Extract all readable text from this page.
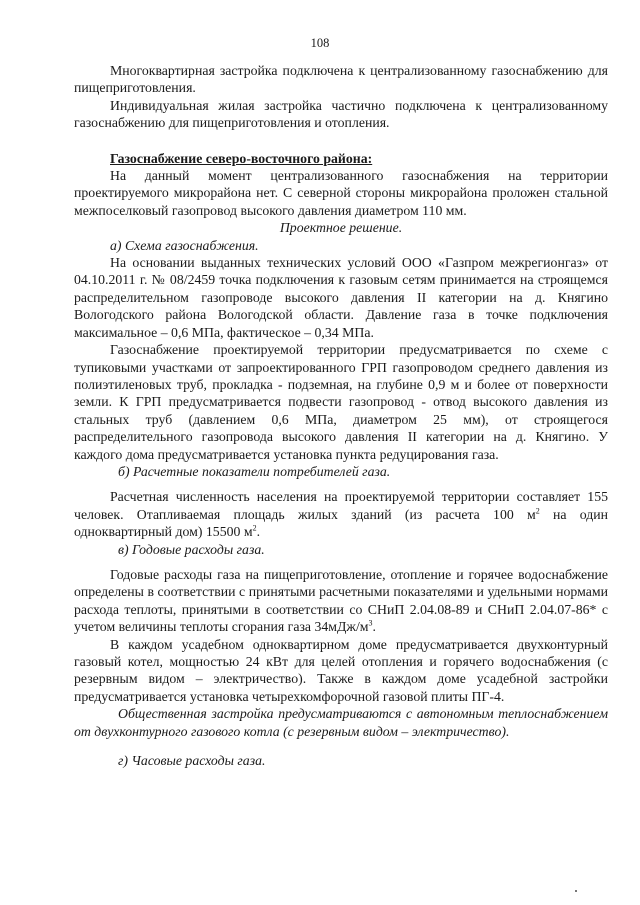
108

Многоквартирная застройка подключена к централизованному газоснабжению для пищеприготовления.

Индивидуальная жилая застройка частично подключена к централизованному газоснабжению для пищеприготовления и отопления.

Газоснабжение северо-восточного района:

На данный момент централизованного газоснабжения на территории проектируемого микрорайона нет. С северной стороны микрорайона проложен стальной межпоселковый газопровод высокого давления диаметром 110 мм.

Проектное решение.

а) Схема газоснабжения.

На основании выданных технических условий ООО «Газпром межрегионгаз» от 04.10.2011 г. № 08/2459 точка подключения к газовым сетям принимается на строящемся распределительном газопроводе высокого давления II категории на д. Княгино Вологодского района Вологодской области. Давление газа в точке подключения максимальное – 0,6 МПа, фактическое – 0,34 МПа.

Газоснабжение проектируемой территории предусматривается по схеме с тупиковыми участками от запроектированного ГРП газопроводом среднего давления из полиэтиленовых труб, прокладка - подземная, на глубине 0,9 м и более от поверхности земли. К ГРП предусматривается подвести газопровод - отвод высокого давления из стальных труб (давлением 0,6 МПа, диаметром 25 мм), от строящегося распределительного газопровода высокого давления II категории на д. Княгино. У каждого дома предусматривается установка пункта редуцирования газа.

б) Расчетные показатели потребителей газа.

Расчетная численность населения на проектируемой территории составляет 155 человек. Отапливаемая площадь жилых зданий (из расчета 100 $м^2$ на один одноквартирный дом) 15500 $м^2$.

в) Годовые расходы газа.

Годовые расходы газа на пищеприготовление, отопление и горячее водоснабжение определены в соответствии с принятыми расчетными показателями и удельными нормами расхода теплоты, принятыми в соответствии со СНиП 2.04.08-89 и СНиП 2.04.07-86* с учетом величины теплоты сгорания газа $34мДж/м^3$.

В каждом усадебном одноквартирном доме предусматривается двухконтурный газовый котел, мощностью 24 кВт для целей отопления и горячего водоснабжения (с резервным видом – электричество). Также в каждом доме усадебной застройки предусматривается установка четырехкомфорочной газовой плиты ПГ-4.

Общественная застройка предусматриваются с автономным теплоснабжением от двухконтурного газового котла (с резервным видом – электричество).

г) Часовые расходы газа.
